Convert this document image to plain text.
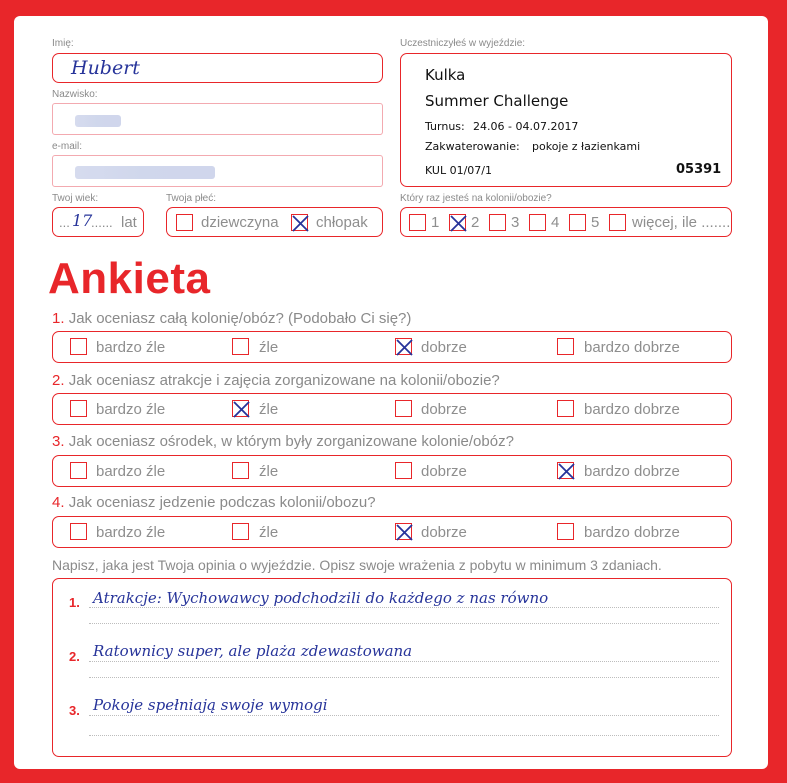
Imię:
Hubert
Nazwisko:
e-mail:
Twoj wiek:
... 17
...... lat
Twoja płeć:
dziewczyna chłopak
Uczestniczyłeś w wyjeździe:
Kulka
Summer Challenge
Turnus: 24.06 - 04.07.2017
Zakwaterowanie: pokoje z łazienkami
KUL 01/07/1	05391
Który raz jesteś na kolonii/obozie?
1 2 3 4 5 więcej, ile .......
Ankieta
1. Jak oceniasz całą kolonię/obóz? (Podobało Ci się?)
bardzo źle	źle	dobrze	bardzo dobrze
2. Jak oceniasz atrakcje i zajęcia zorganizowane na kolonii/obozie?
bardzo źle	źle	dobrze	bardzo dobrze
3. Jak oceniasz ośrodek, w którym były zorganizowane kolonie/obóz?
bardzo źle	źle	dobrze	bardzo dobrze
4. Jak oceniasz jedzenie podczas kolonii/obozu?
bardzo źle	źle	dobrze	bardzo dobrze
Napisz, jaka jest Twoja opinia o wyjeździe. Opisz swoje wrażenia z pobytu w minimum 3 zdaniach.
1. Atrakcje: Wychowawcy podchodzili do każdego z nas równo
2. Ratownicy super, ale plaża zdewastowana
3. Pokoje spełniają swoje wymogi
